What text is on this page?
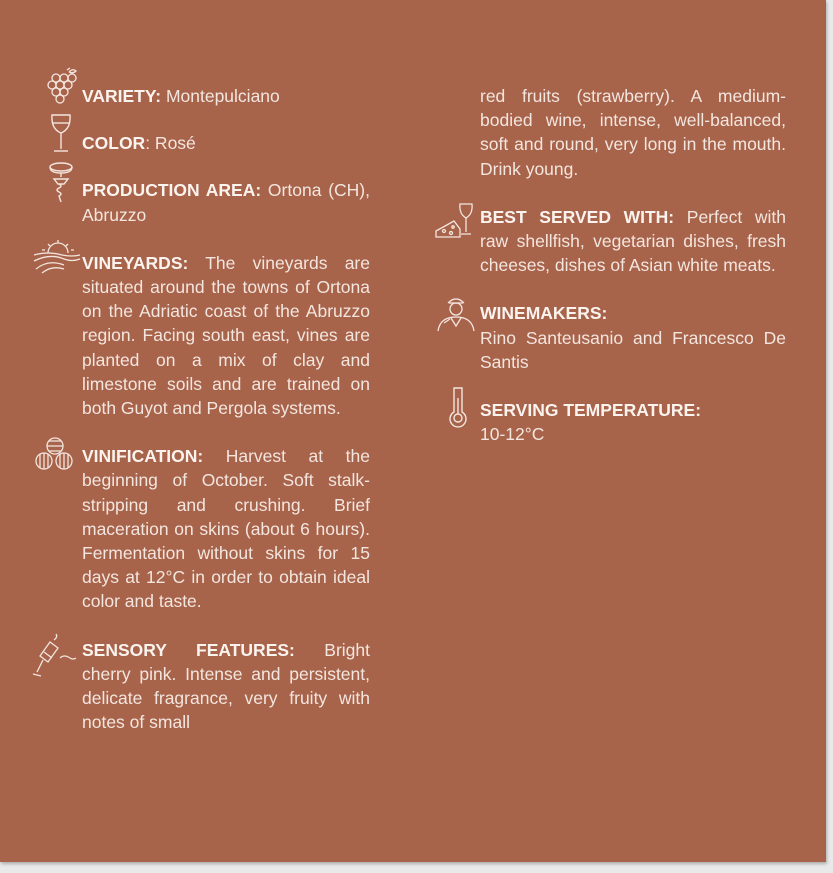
VARIETY: Montepulciano
COLOR: Rosé
PRODUCTION AREA: Ortona (CH), Abruzzo
VINEYARDS: The vineyards are situated around the towns of Ortona on the Adriatic coast of the Abruzzo region. Facing south east, vines are planted on a mix of clay and limestone soils and are trained on both Guyot and Pergola systems.
VINIFICATION: Harvest at the beginning of October. Soft stalk-stripping and crushing. Brief maceration on skins (about 6 hours). Fermentation without skins for 15 days at 12°C in order to obtain ideal color and taste.
SENSORY FEATURES: Bright cherry pink. Intense and persistent, delicate fragrance, very fruity with notes of small
red fruits (strawberry). A medium-bodied wine, intense, well-balanced, soft and round, very long in the mouth. Drink young.
BEST SERVED WITH: Perfect with raw shellfish, vegetarian dishes, fresh cheeses, dishes of Asian white meats.
WINEMAKERS:
Rino Santeusanio and Francesco De Santis
SERVING TEMPERATURE:
10-12°C
